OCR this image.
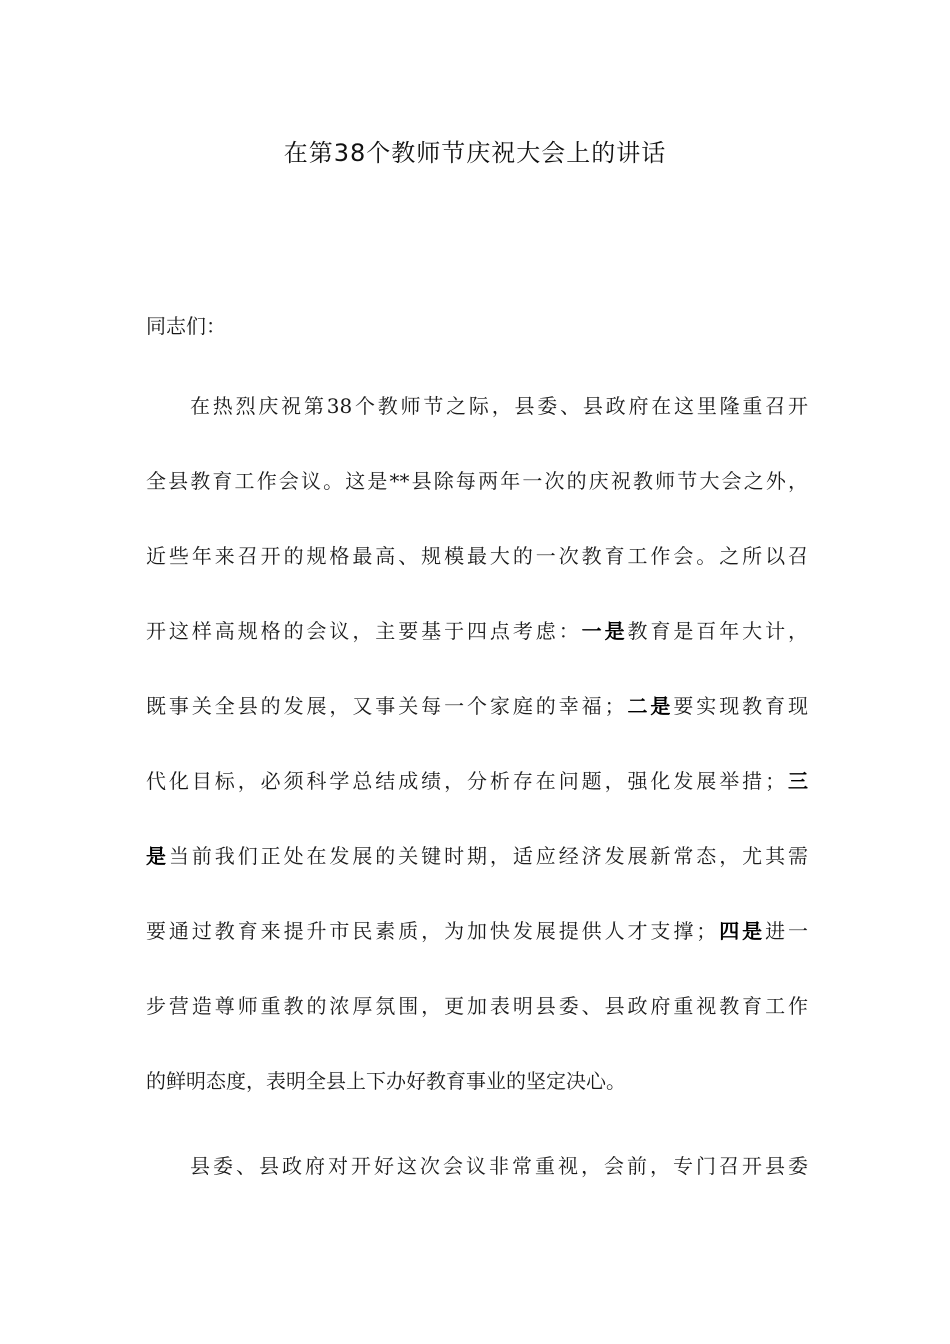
在第38个教师节庆祝大会上的讲话

同志们：

在热烈庆祝第38个教师节之际，县委、县政府在这里隆重召开
全县教育工作会议。这是**县除每两年一次的庆祝教师节大会之外，
近些年来召开的规格最高、规模最大的一次教育工作会。之所以召
开这样高规格的会议，主要基于四点考虑：一是教育是百年大计，
既事关全县的发展，又事关每一个家庭的幸福；二是要实现教育现
代化目标，必须科学总结成绩，分析存在问题，强化发展举措；三
是当前我们正处在发展的关键时期，适应经济发展新常态，尤其需
要通过教育来提升市民素质，为加快发展提供人才支撑；四是进一
步营造尊师重教的浓厚氛围，更加表明县委、县政府重视教育工作
的鲜明态度，表明全县上下办好教育事业的坚定决心。
县委、县政府对开好这次会议非常重视，会前，专门召开县委
